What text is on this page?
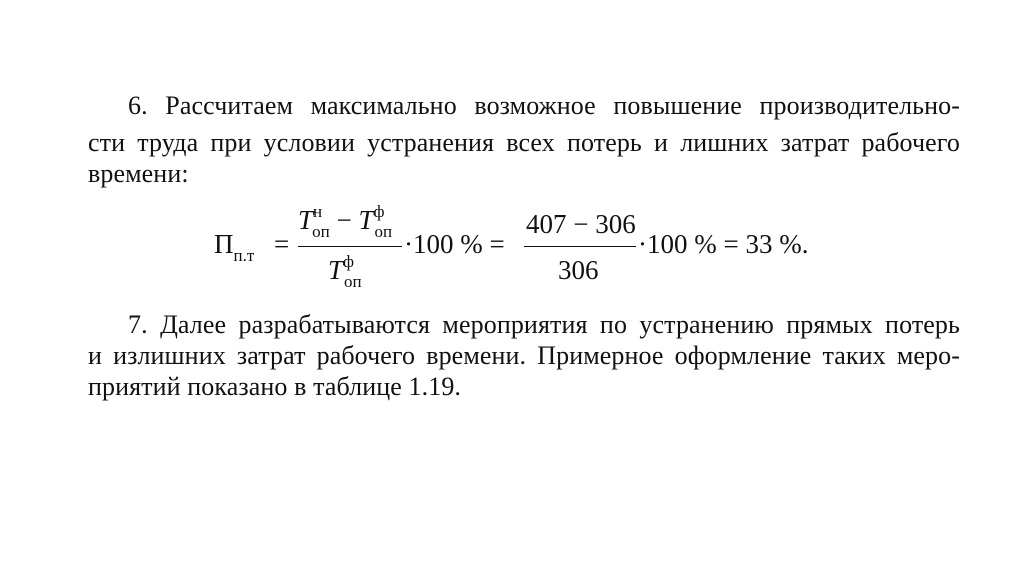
6. Рассчитаем максимально возможное повышение производительно-
сти труда при условии устранения всех потерь и лишних затрат рабочего
времени:
$П_{п.т}$ =
$T^н_{оп} - T^ф_{оп}$
$T^ф_{оп}$
·100 % =
407 − 306
306
·100 % = 33 %.
7. Далее разрабатываются мероприятия по устранению прямых потерь
и излишних затрат рабочего времени. Примерное оформление таких меро-
приятий показано в таблице 1.19.
